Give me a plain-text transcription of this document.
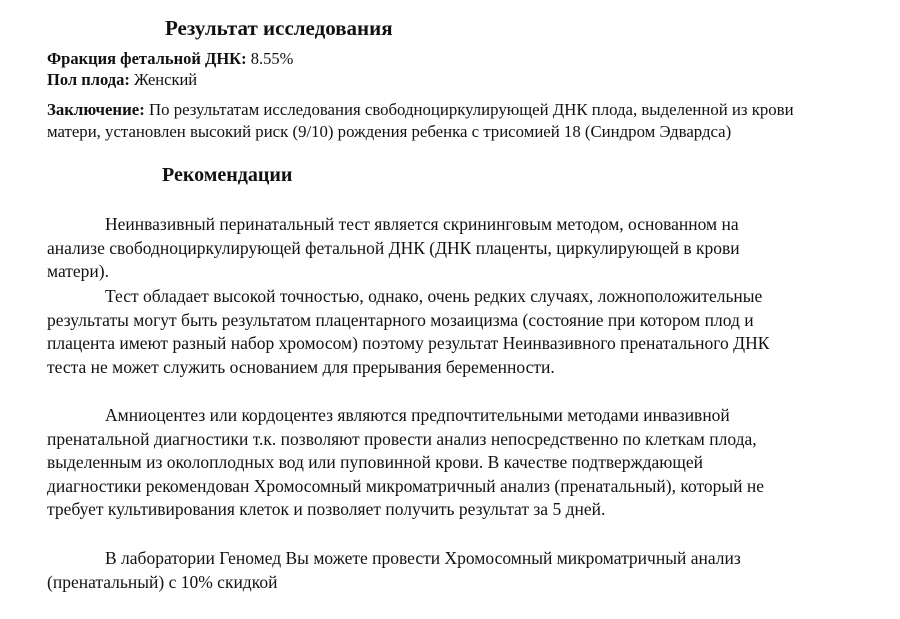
Результат исследования
Фракция фетальной ДНК: 8.55%
Пол плода: Женский
Заключение: По результатам исследования свободноциркулирующей ДНК плода, выделенной из крови
матери, установлен высокий риск (9/10) рождения ребенка с трисомией 18 (Синдром Эдвардса)
Рекомендации
Неинвазивный перинатальный тест является скрининговым методом, основанном на
анализе свободноциркулирующей фетальной ДНК (ДНК плаценты, циркулирующей в крови
матери).
Тест обладает высокой точностью, однако, очень редких случаях, ложноположительные
результаты могут быть результатом плацентарного мозаицизма (состояние при котором плод и
плацента имеют разный набор хромосом) поэтому результат Неинвазивного пренатального ДНК
теста не может служить основанием для прерывания беременности.
Амниоцентез или кордоцентез являются предпочтительными методами инвазивной
пренатальной диагностики т.к. позволяют провести анализ непосредственно по клеткам плода,
выделенным из околоплодных вод или пуповинной крови. В качестве подтверждающей
диагностики рекомендован Хромосомный микроматричный анализ (пренатальный), который не
требует культивирования клеток и позволяет получить результат за 5 дней.
В лаборатории Геномед Вы можете провести Хромосомный микроматричный анализ
(пренатальный) с 10% скидкой
